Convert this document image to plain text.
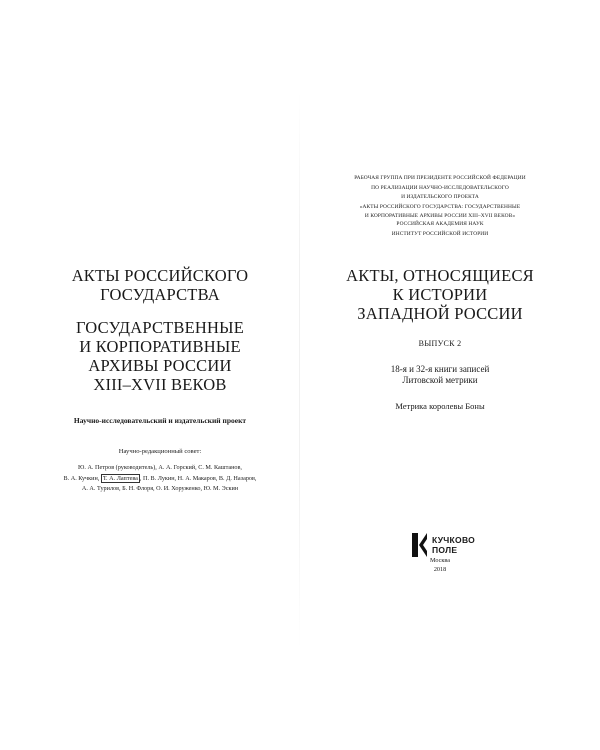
АКТЫ РОССИЙСКОГО
ГОСУДАРСТВА
ГОСУДАРСТВЕННЫЕ
И КОРПОРАТИВНЫЕ
АРХИВЫ РОССИИ
XIII–XVII ВЕКОВ
Научно-исследовательский и издательский проект
Научно-редакционный совет:
Ю. А. Петров (руководитель), А. А. Горский, С. М. Каштанов,
В. А. Кучкин, Т. А. Лаптева , П. В. Лукин, Н. А. Макаров, В. Д. Назаров,
А. А. Турилов, Б. Н. Флоря, О. И. Хоруженко, Ю. М. Эскин
РАБОЧАЯ ГРУППА ПРИ ПРЕЗИДЕНТЕ РОССИЙСКОЙ ФЕДЕРАЦИИ
ПО РЕАЛИЗАЦИИ НАУЧНО-ИССЛЕДОВАТЕЛЬСКОГО
И ИЗДАТЕЛЬСКОГО ПРОЕКТА
«АКТЫ РОССИЙСКОГО ГОСУДАРСТВА: ГОСУДАРСТВЕННЫЕ
И КОРПОРАТИВНЫЕ АРХИВЫ РОССИИ XIII–XVII ВЕКОВ»
РОССИЙСКАЯ АКАДЕМИЯ НАУК
ИНСТИТУТ РОССИЙСКОЙ ИСТОРИИ
АКТЫ, ОТНОСЯЩИЕСЯ
К ИСТОРИИ
ЗАПАДНОЙ РОССИИ
ВЫПУСК 2
18-я и 32-я книги записей
Литовской метрики
Метрика королевы Боны
КУЧКОВО
ПОЛЕ
Москва
2018
